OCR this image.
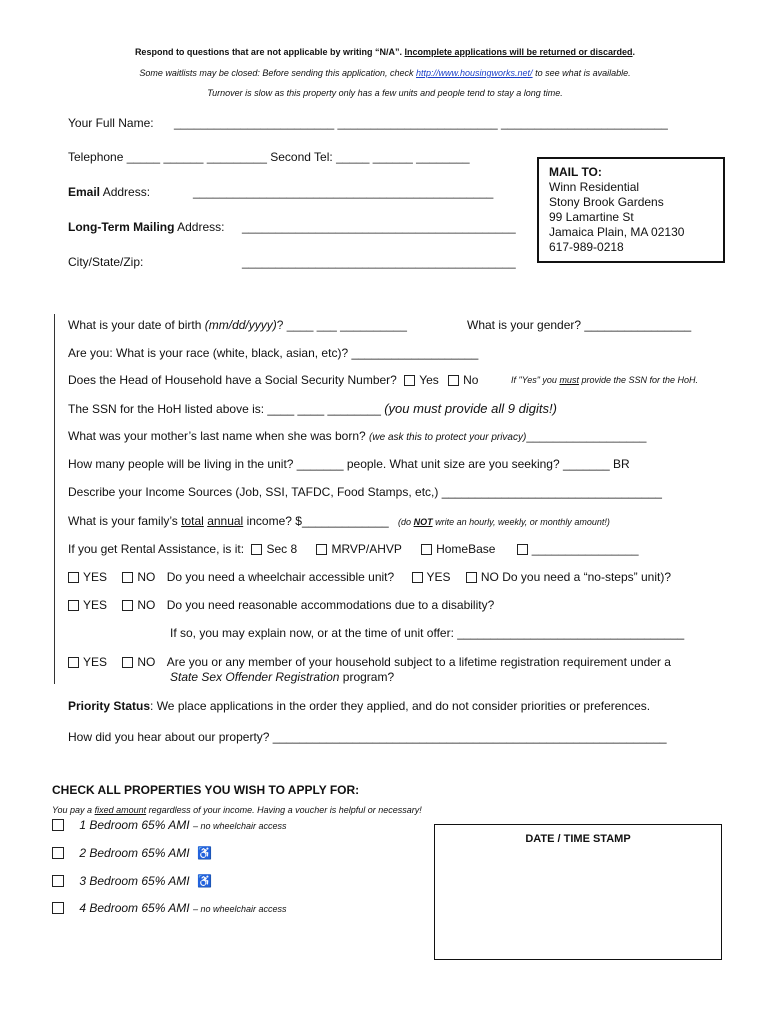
Respond to questions that are not applicable by writing “N/A”. Incomplete applications will be returned or discarded.
Some waitlists may be closed: Before sending this application, check http://www.housingworks.net/ to see what is available.
Turnover is slow as this property only has a few units and people tend to stay a long time.
Your Full Name: ________________________ ________________________ _________________________
Telephone _____ ______ _________ Second Tel: _____ ______ ________
Email Address:	_____________________________________________
Long-Term Mailing Address: _________________________________________
City/State/Zip:	_________________________________________
MAIL TO:
Winn Residential
Stony Brook Gardens
99 Lamartine St
Jamaica Plain, MA 02130
617-989-0218
What is your date of birth (mm/dd/yyyy)? ____ ___ __________	What is your gender? ________________
Are you: What is your race (white, black, asian, etc)? ___________________
Does the Head of Household have a Social Security Number? Yes No	If "Yes" you must provide the SSN for the HoH.
The SSN for the HoH listed above is: ____ ____ ________ (you must provide all 9 digits!)
What was your mother’s last name when she was born? (we ask this to protect your privacy)__________________
How many people will be living in the unit? _______ people. What unit size are you seeking? _______ BR
Describe your Income Sources (Job, SSI, TAFDC, Food Stamps, etc,) _________________________________
What is your family’s total annual income? $_____________ (do NOT write an hourly, weekly, or monthly amount!)
If you get Rental Assistance, is it: Sec 8	MRVP/AHVP	HomeBase	________________
YES	NO Do you need a wheelchair accessible unit?	YES	NO Do you need a “no-steps” unit)?
YES	NO Do you need reasonable accommodations due to a disability?
If so, you may explain now, or at the time of unit offer: __________________________________
YES	NO Are you or any member of your household subject to a lifetime registration requirement under a
State Sex Offender Registration program?
Priority Status: We place applications in the order they applied, and do not consider priorities or preferences.
How did you hear about our property? ___________________________________________________________
CHECK ALL PROPERTIES YOU WISH TO APPLY FOR:
You pay a fixed amount regardless of your income. Having a voucher is helpful or necessary!
1 Bedroom 65% AMI – no wheelchair access
2 Bedroom 65% AMI ♿
3 Bedroom 65% AMI ♿
4 Bedroom 65% AMI – no wheelchair access
DATE / TIME STAMP
